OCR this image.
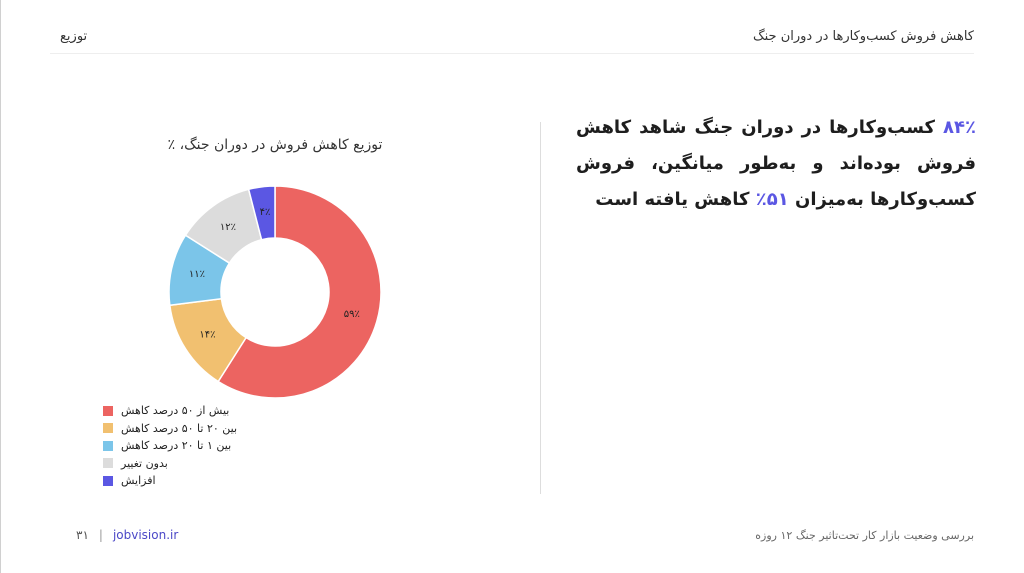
کاهش فروش کسب‌وکارها در دوران جنگ
توزیع
۸۴٪ کسب‌وکارها در دوران جنگ شاهد کاهش فروش بوده‌اند و به‌طور میانگین، فروش کسب‌وکارها به‌میزان ۵۱٪ کاهش یافته است
توزیع کاهش فروش در دوران جنگ، ٪
۵۹٪
۱۴٪
۱۱٪
۱۲٪
۴٪
بیش از ۵۰ درصد کاهش
بین ۲۰ تا ۵۰ درصد کاهش
بین ۱ تا ۲۰ درصد کاهش
بدون تغییر
افزایش
بررسی وضعیت بازار کار تحت‌تاثیر جنگ ۱۲ روزه
۳۱ | jobvision.ir
